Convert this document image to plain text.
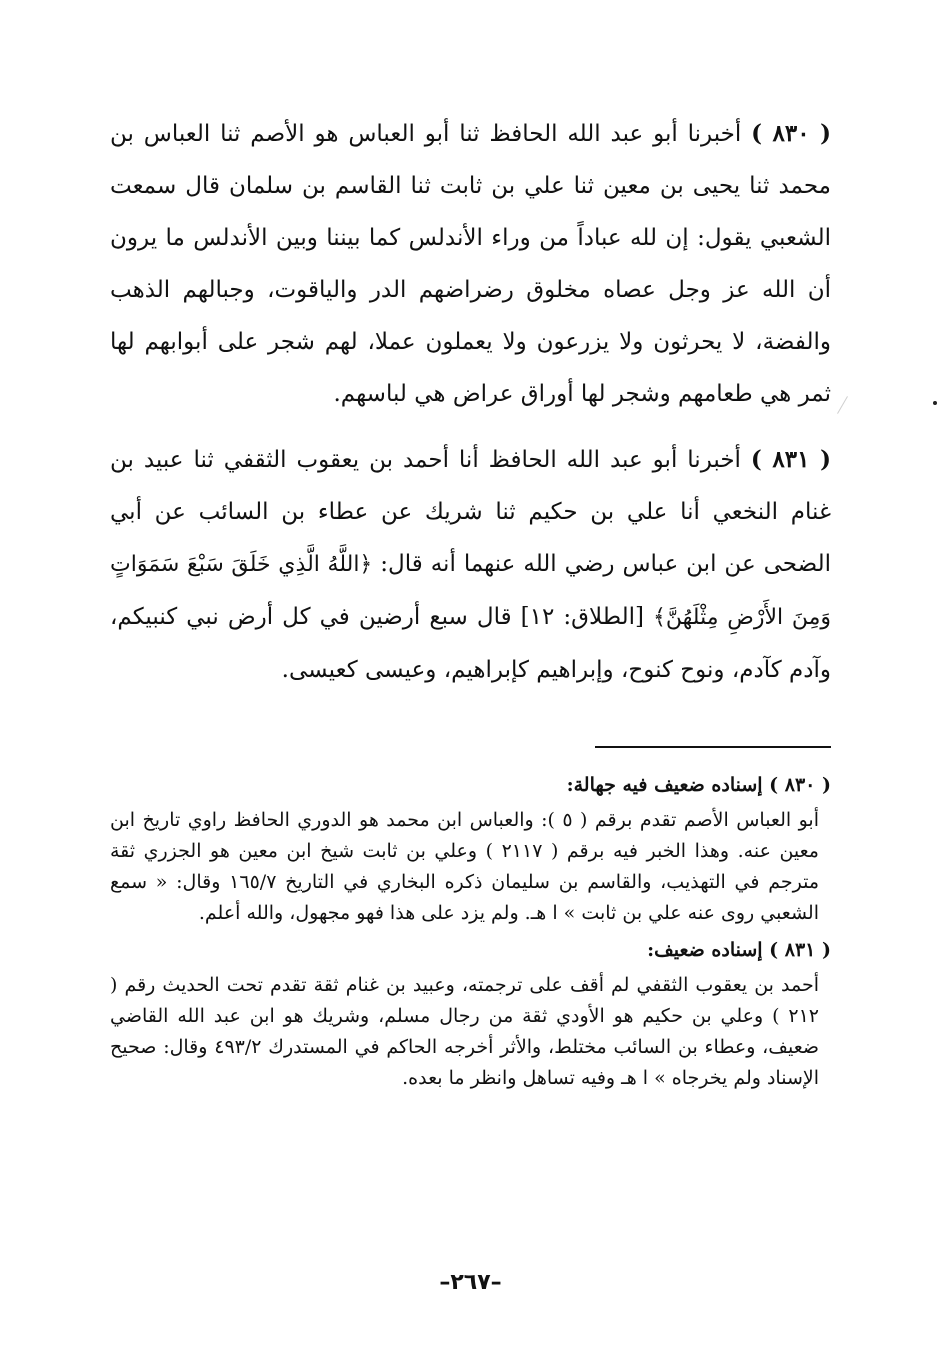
( ٨٣٠ ) أخبرنا أبو عبد الله الحافظ ثنا أبو العباس هو الأصم ثنا العباس بن محمد ثنا يحيى بن معين ثنا علي بن ثابت ثنا القاسم بن سلمان قال سمعت الشعبي يقول: إن لله عباداً من وراء الأندلس كما بيننا وبين الأندلس ما يرون أن الله عز وجل عصاه مخلوق رضراضهم الدر والياقوت، وجبالهم الذهب والفضة، لا يحرثون ولا يزرعون ولا يعملون عملا، لهم شجر على أبوابهم لها ثمر هي طعامهم وشجر لها أوراق عراض هي لباسهم.

( ٨٣١ ) أخبرنا أبو عبد الله الحافظ أنا أحمد بن يعقوب الثقفي ثنا عبيد بن غنام النخعي أنا علي بن حكيم ثنا شريك عن عطاء بن السائب عن أبي الضحى عن ابن عباس رضي الله عنهما أنه قال: ﴿اللَّهُ الَّذِي خَلَقَ سَبْعَ سَمَوَاتٍ وَمِنَ الأَرْضِ مِثْلَهُنَّ﴾ [الطلاق: ١٢] قال سبع أرضين في كل أرض نبي كنبيكم، وآدم كآدم، ونوح كنوح، وإبراهيم كإبراهيم، وعيسى كعيسى.

( ٨٣٠ ) إسناده ضعيف فيه جهالة:

أبو العباس الأصم تقدم برقم ( ٥ ): والعباس ابن محمد هو الدوري الحافظ راوي تاريخ ابن معين عنه. وهذا الخبر فيه برقم ( ٢١١٧ ) وعلي بن ثابت شيخ ابن معين هو الجزري ثقة مترجم في التهذيب، والقاسم بن سليمان ذكره البخاري في التاريخ ١٦٥/٧ وقال: « سمع الشعبي روى عنه علي بن ثابت » ا هـ. ولم يزد على هذا فهو مجهول، والله أعلم.

( ٨٣١ ) إسناده ضعيف:

أحمد بن يعقوب الثقفي لم أقف على ترجمته، وعبيد بن غنام ثقة تقدم تحت الحديث رقم ( ٢١٢ ) وعلي بن حكيم هو الأودي ثقة من رجال مسلم، وشريك هو ابن عبد الله القاضي ضعيف، وعطاء بن السائب مختلط، والأثر أخرجه الحاكم في المستدرك ٤٩٣/٢ وقال: صحيح الإسناد ولم يخرجاه » ا هـ وفيه تساهل وانظر ما بعده.

–٢٦٧–
